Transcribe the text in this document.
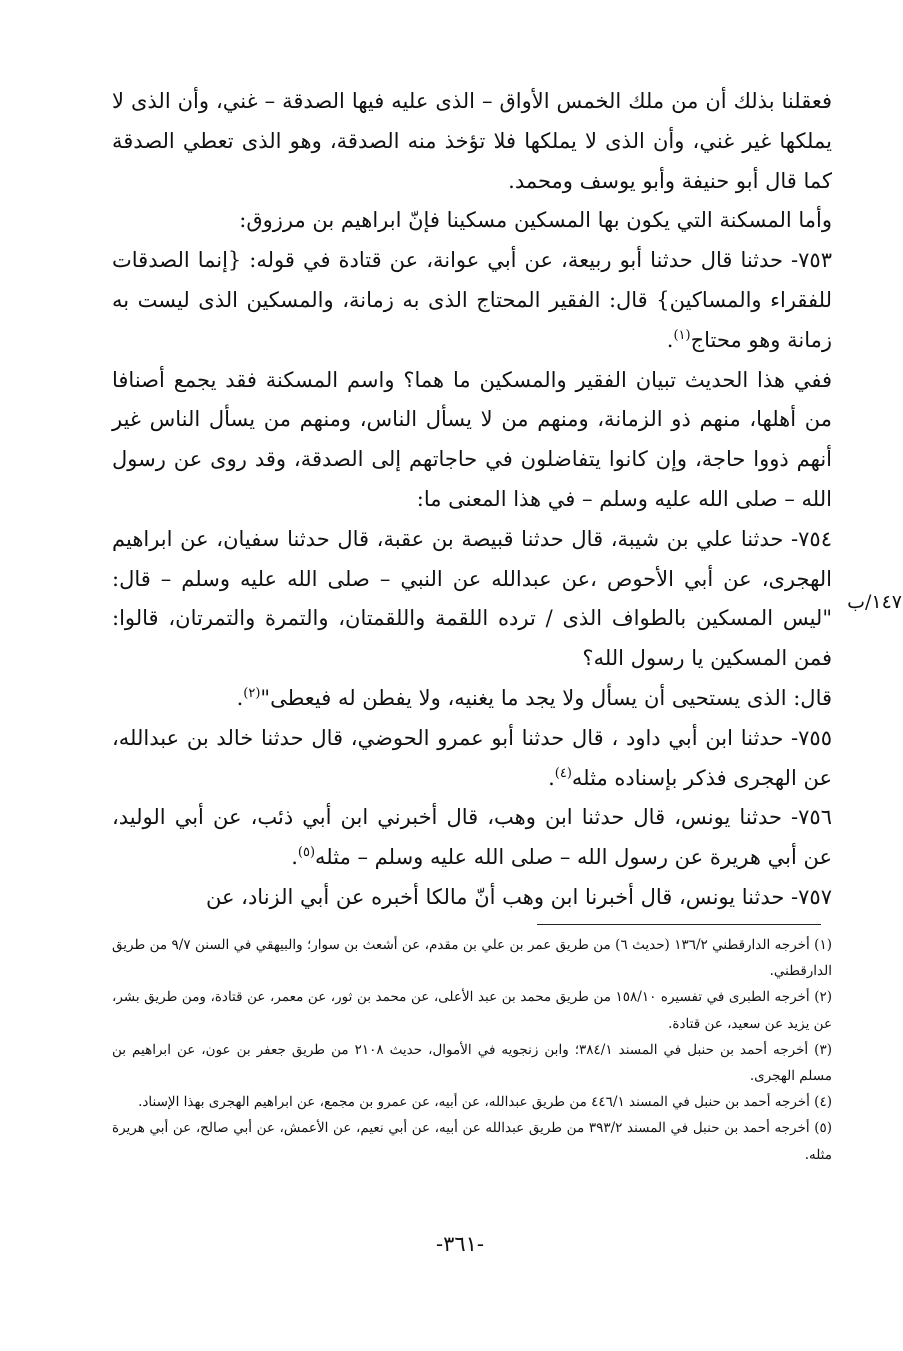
فعقلنا بذلك أن من ملك الخمس الأواق – الذى عليه فيها الصدقة – غني، وأن الذى لا يملكها غير غني، وأن الذى لا يملكها فلا تؤخذ منه الصدقة، وهو الذى تعطي الصدقة كما قال أبو حنيفة وأبو يوسف ومحمد.

وأما المسكنة التي يكون بها المسكين مسكينا فإنّ ابراهيم بن مرزوق:

٧٥٣- حدثنا قال حدثنا أبو ربيعة، عن أبي عوانة، عن قتادة في قوله: {إنما الصدقات للفقراء والمساكين} قال: الفقير المحتاج الذى به زمانة، والمسكين الذى ليست به زمانة وهو محتاج$^{(١)}$.

ففي هذا الحديث تبيان الفقير والمسكين ما هما؟ واسم المسكنة فقد يجمع أصنافا من أهلها، منهم ذو الزمانة، ومنهم من لا يسأل الناس، ومنهم من يسأل الناس غير أنهم ذووا حاجة، وإن كانوا يتفاضلون في حاجاتهم إلى الصدقة، وقد روى عن رسول الله – صلى الله عليه وسلم – في هذا المعنى ما:

٧٥٤- حدثنا علي بن شيبة، قال حدثنا قبيصة بن عقبة، قال حدثنا سفيان، عن ابراهيم الهجرى، عن أبي الأحوص ،عن عبدالله عن النبي – صلى الله عليه وسلم – قال: "ليس المسكين بالطواف الذى / ترده اللقمة واللقمتان، والتمرة والتمرتان، قالوا: فمن المسكين يا رسول الله؟

قال: الذى يستحيى أن يسأل ولا يجد ما يغنيه، ولا يفطن له فيعطى"$^{(٢)}$.

٧٥٥- حدثنا ابن أبي داود ، قال حدثنا أبو عمرو الحوضي، قال حدثنا خالد بن عبدالله، عن الهجرى فذكر بإسناده مثله$^{(٤)}$.

٧٥٦- حدثنا يونس، قال حدثنا ابن وهب، قال أخبرني ابن أبي ذئب، عن أبي الوليد، عن أبي هريرة عن رسول الله – صلى الله عليه وسلم – مثله$^{(٥)}$.

٧٥٧- حدثنا يونس، قال أخبرنا ابن وهب أنّ مالكا أخبره عن أبي الزناد، عن

١٤٧/ب

(١) أخرجه الدارقطني ١٣٦/٢ (حديث ٦) من طريق عمر بن علي بن مقدم، عن أشعث بن سوار؛ والبيهقي في السنن ٩/٧ من طريق الدارقطني.

(٢) أخرجه الطبرى في تفسيره ١٥٨/١٠ من طريق محمد بن عبد الأعلى، عن محمد بن ثور، عن معمر، عن قتادة، ومن طريق بشر، عن يزيد عن سعيد، عن قتادة.

(٣) أخرجه أحمد بن حنبل في المسند ٣٨٤/١؛ وابن زنجويه في الأموال، حديث ٢١٠٨ من طريق جعفر بن عون، عن ابراهيم بن مسلم الهجرى.

(٤) أخرجه أحمد بن حنبل في المسند ٤٤٦/١ من طريق عبدالله، عن أبيه، عن عمرو بن مجمع، عن ابراهيم الهجرى بهذا الإسناد.

(٥) أخرجه أحمد بن حنبل في المسند ٣٩٣/٢ من طريق عبدالله عن أبيه، عن أبي نعيم، عن الأعمش، عن أبي صالح، عن أبي هريرة مثله.

-٣٦١-
